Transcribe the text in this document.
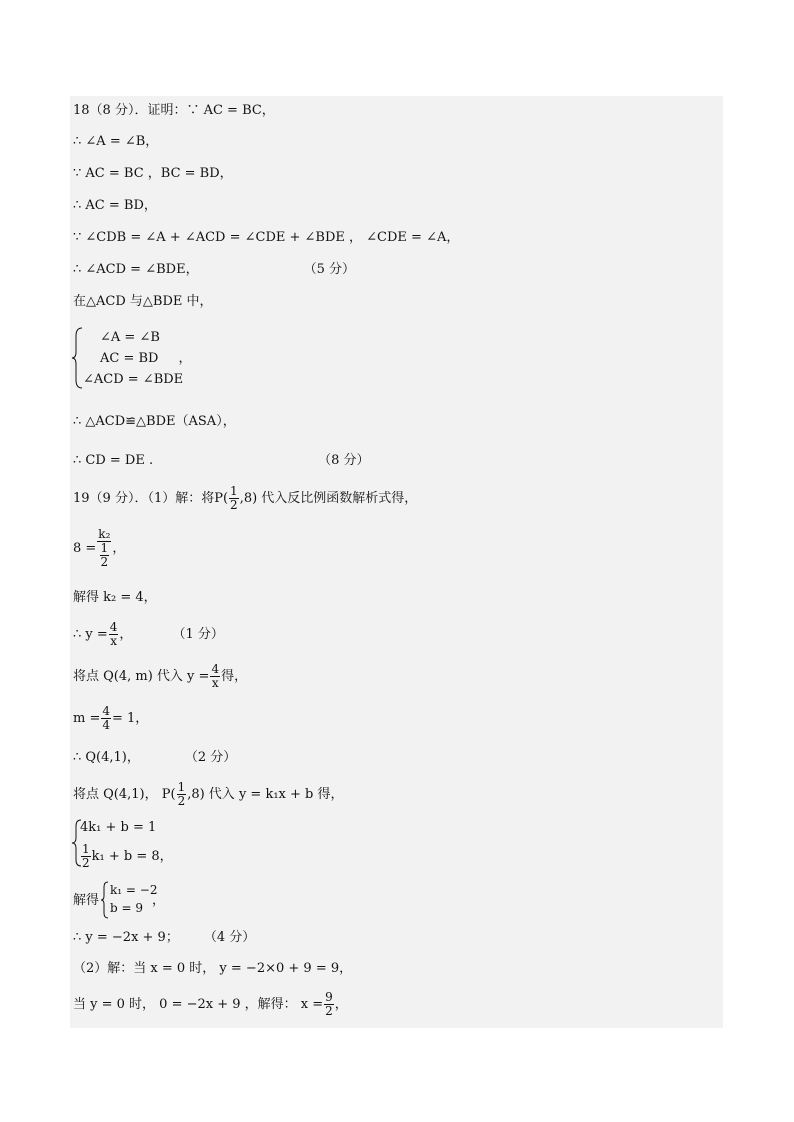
18（8 分）．证明：∵ AC = BC，
∴ ∠A = ∠B，
∵ AC = BC ，BC = BD，
∴ AC = BD，
∵ ∠CDB = ∠A + ∠ACD = ∠CDE + ∠BDE ， ∠CDE = ∠A，
∴ ∠ACD = ∠BDE，	（5 分）
在△ACD 与△BDE 中，
∠A = ∠B
AC = BD ，
∠ACD = ∠BDE
∴ △ACD≌△BDE（ASA），
∴ CD = DE .	（8 分）
19（9 分）．（1）解：将$P( \frac{1}{2} ,8)$ 代入反比例函数解析式得，
$8 = \frac{\text{k₂}}{\frac{1}{2}}$ ，
解得 k₂ = 4，
∴ $y = \frac{4}{x}$ ，	（1 分）
将点 Q(4, m) 代入 $y = \frac{4}{x}$ 得，
$m = \frac{4}{4} = 1$，
∴ Q(4,1)，	（2 分）
将点 Q(4,1)， $P( \frac{1}{2} ,8)$ 代入 y = k₁x + b 得，
4k₁ + b = 1
$\frac{1}{2} k_1 + b = 8$，
解得
k₁ = −2
b = 9 ，
∴ y = −2x + 9； （4 分）
（2）解：当 x = 0 时， y = −2×0 + 9 = 9，
当 y = 0 时， 0 = −2x + 9 ，解得： $x = \frac{9}{2}$ ，
